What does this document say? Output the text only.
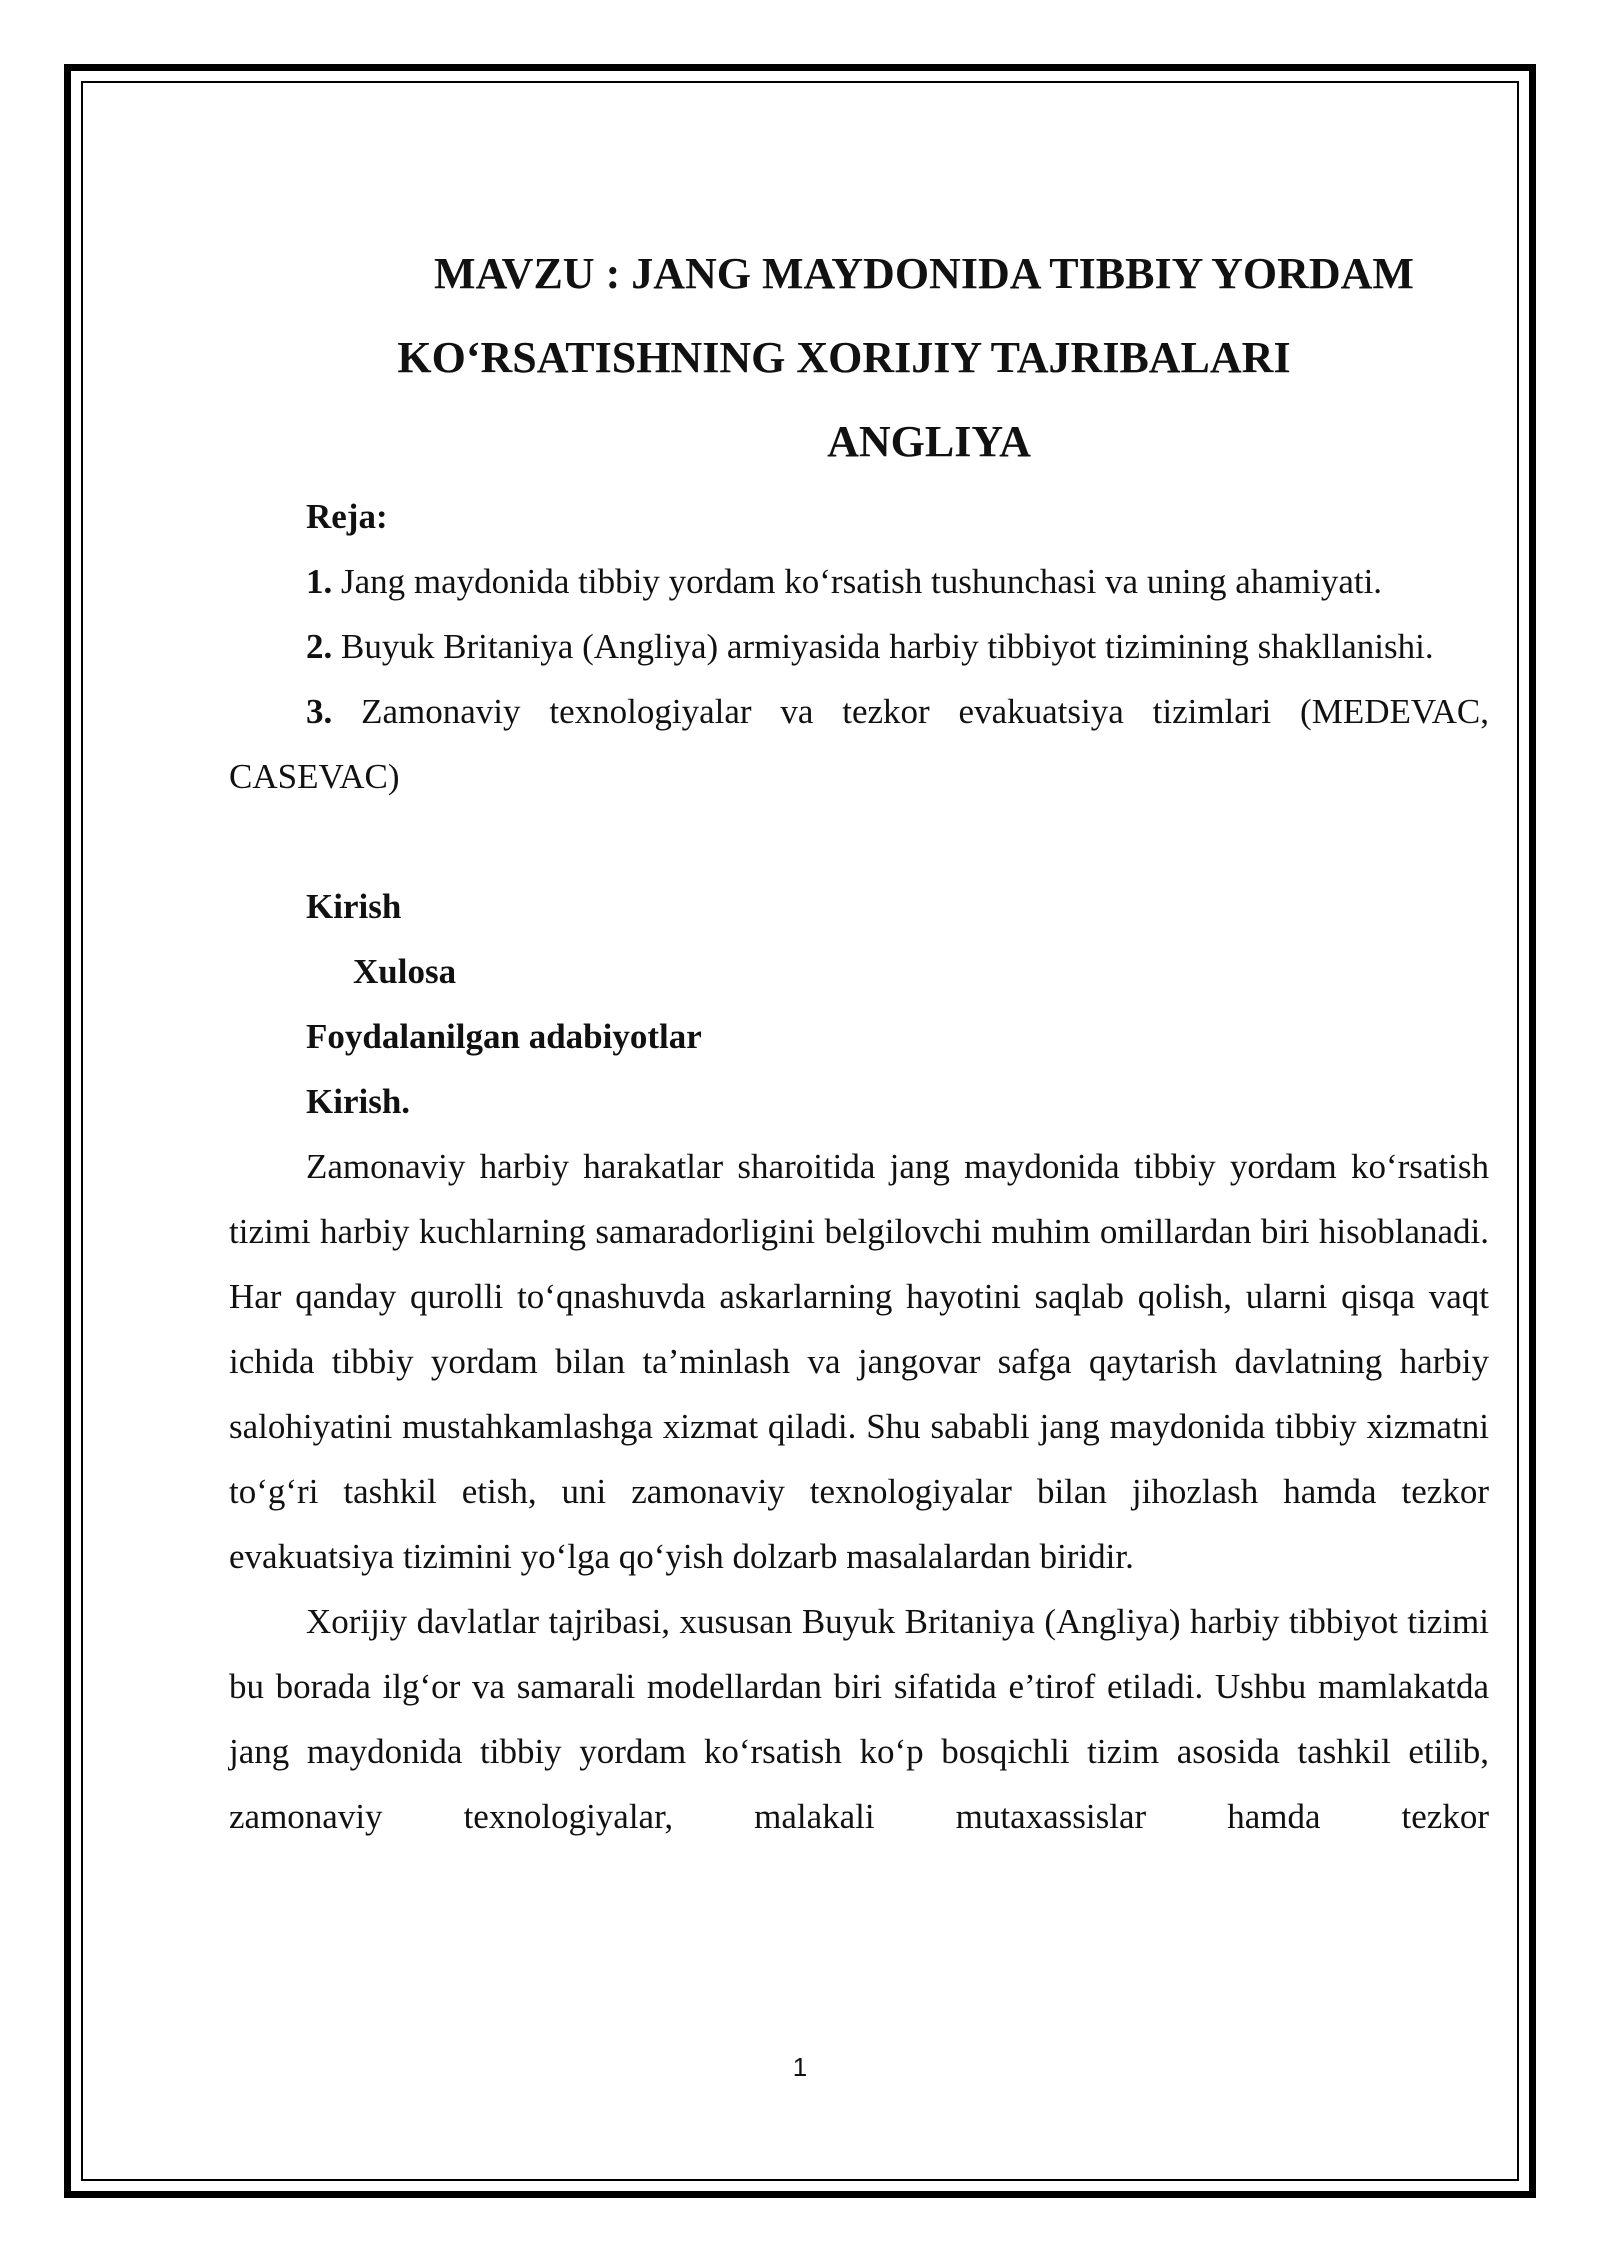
MAVZU : JANG MAYDONIDA TIBBIY YORDAM
KO‘RSATISHNING XORIJIY TAJRIBALARI
ANGLIYA

Reja:

1. Jang maydonida tibbiy yordam ko‘rsatish tushunchasi va uning ahamiyati.

2. Buyuk Britaniya (Angliya) armiyasida harbiy tibbiyot tizimining shakllanishi.

3. Zamonaviy texnologiyalar va tezkor evakuatsiya tizimlari (MEDEVAC, CASEVAC)

Kirish

Xulosa

Foydalanilgan adabiyotlar

Kirish.

Zamonaviy harbiy harakatlar sharoitida jang maydonida tibbiy yordam ko‘rsatish tizimi harbiy kuchlarning samaradorligini belgilovchi muhim omillardan biri hisoblanadi. Har qanday qurolli to‘qnashuvda askarlarning hayotini saqlab qolish, ularni qisqa vaqt ichida tibbiy yordam bilan ta’minlash va jangovar safga qaytarish davlatning harbiy salohiyatini mustahkamlashga xizmat qiladi. Shu sababli jang maydonida tibbiy xizmatni to‘g‘ri tashkil etish, uni zamonaviy texnologiyalar bilan jihozlash hamda tezkor evakuatsiya tizimini yo‘lga qo‘yish dolzarb masalalardan biridir.

Xorijiy davlatlar tajribasi, xususan Buyuk Britaniya (Angliya) harbiy tibbiyot tizimi bu borada ilg‘or va samarali modellardan biri sifatida e’tirof etiladi. Ushbu mamlakatda jang maydonida tibbiy yordam ko‘rsatish ko‘p bosqichli tizim asosida tashkil etilib, zamonaviy texnologiyalar, malakali mutaxassislar hamda tezkor

1
